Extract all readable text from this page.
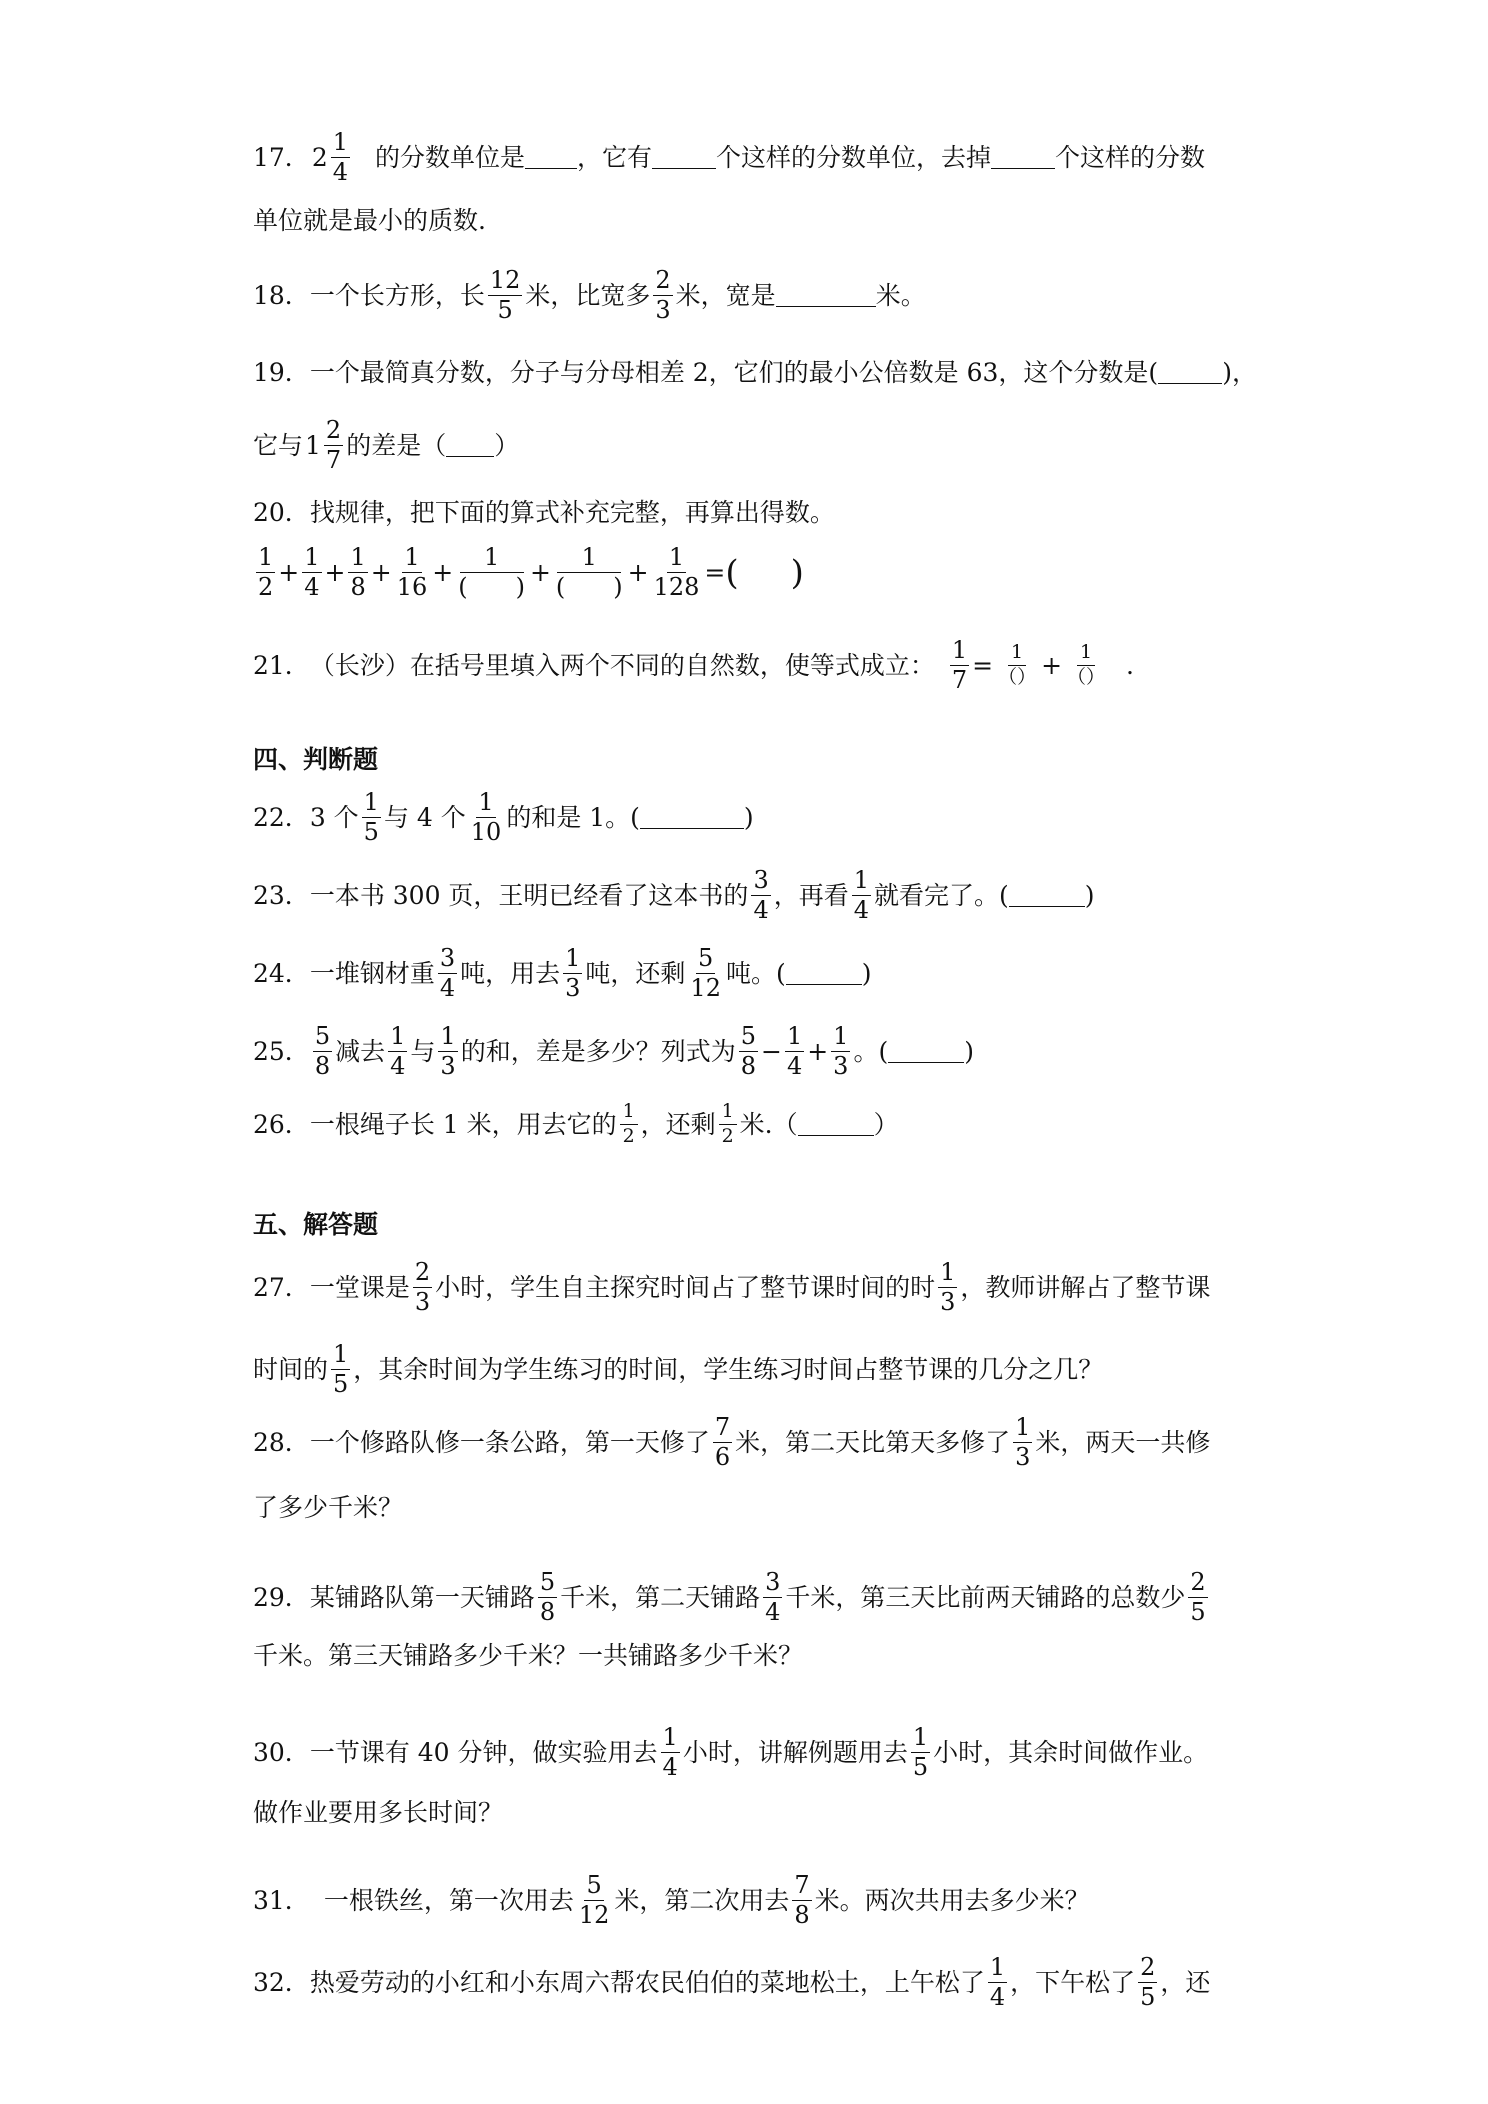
17． $2 \frac{1}{4}$ 的分数单位是 ，它有	个这样的分数单位，去掉	个这样的分数
单位就是最小的质数.
18． 一个长方形，长 $\frac{12}{5}$ 米，比宽多 $\frac{2}{3}$ 米，宽是	米。
19． 一个最简真分数，分子与分母相差 2，它们的最小公倍数是 63，这个分数是(	)，
它与 $1 \frac{2}{7}$ 的差是（ ）
20． 找规律，把下面的算式补充完整，再算出得数。
$\frac{1}{2} + \frac{1}{4} + \frac{1}{8} + \frac{1}{16} + \frac{1}{( )} + \frac{1}{( )} + \frac{1}{128}$ = ( )
21． （长沙）在括号里填入两个不同的自然数，使等式成立： $\frac{1}{7} = \frac{1}{()} + \frac{1}{()}$ .
四、判断题
22． 3 个 $\frac{1}{5}$ 与 4 个 $\frac{1}{10}$ 的和是 1。(	)
23． 一本书 300 页，王明已经看了这本书的 $\frac{3}{4}$ ，再看 $\frac{1}{4}$ 就看完了。(	)
24． 一堆钢材重 $\frac{3}{4}$ 吨，用去 $\frac{1}{3}$ 吨，还剩 $\frac{5}{12}$ 吨。(	)
25． $\frac{5}{8}$ 减去 $\frac{1}{4}$ 与 $\frac{1}{3}$ 的和，差是多少？列式为 $\frac{5}{8} - \frac{1}{4} + \frac{1}{3}$ 。(	)
26． 一根绳子长 1 米，用去它的 $\frac{1}{2}$ ，还剩 $\frac{1}{2}$ 米.（	）
五、解答题
27． 一堂课是 $\frac{2}{3}$ 小时，学生自主探究时间占了整节课时间的时 $\frac{1}{3}$ ，教师讲解占了整节课
时间的 $\frac{1}{5}$ ，其余时间为学生练习的时间，学生练习时间占整节课的几分之几？
28． 一个修路队修一条公路，第一天修了 $\frac{7}{6}$ 米，第二天比第天多修了 $\frac{1}{3}$ 米，两天一共修
了多少千米？
29． 某铺路队第一天铺路 $\frac{5}{8}$ 千米，第二天铺路 $\frac{3}{4}$ 千米，第三天比前两天铺路的总数少 $\frac{2}{5}$
千米。第三天铺路多少千米？一共铺路多少千米？
30． 一节课有 40 分钟，做实验用去 $\frac{1}{4}$ 小时，讲解例题用去 $\frac{1}{5}$ 小时，其余时间做作业。
做作业要用多长时间？
31． 一根铁丝，第一次用去 $\frac{5}{12}$ 米，第二次用去 $\frac{7}{8}$ 米。两次共用去多少米？
32． 热爱劳动的小红和小东周六帮农民伯伯的菜地松土，上午松了 $\frac{1}{4}$ ，下午松了 $\frac{2}{5}$ ，还
